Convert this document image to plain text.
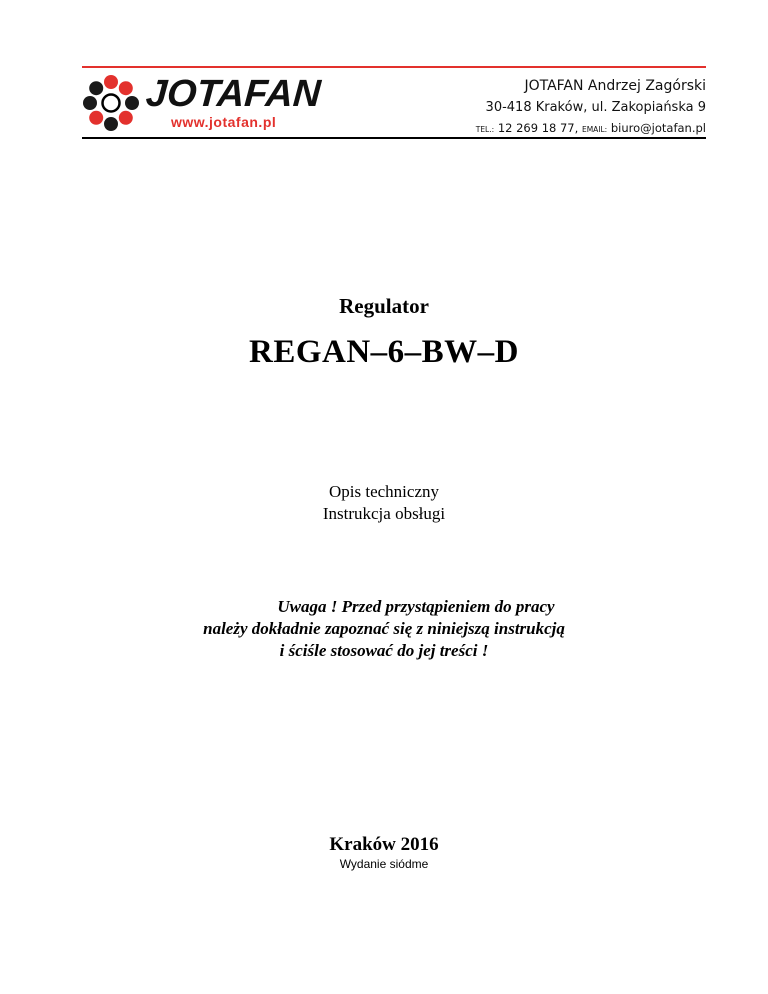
JOTAFAN
www.jotafan.pl
JOTAFAN Andrzej Zagórski
30-418 Kraków, ul. Zakopiańska 9
TEL.: 12 269 18 77, EMAIL: biuro@jotafan.pl
Regulator
REGAN–6–BW–D
Opis techniczny
Instrukcja obsługi
Uwaga ! Przed przystąpieniem do pracy
należy dokładnie zapoznać się z niniejszą instrukcją
i ściśle stosować do jej treści !
Kraków 2016
Wydanie siódme
